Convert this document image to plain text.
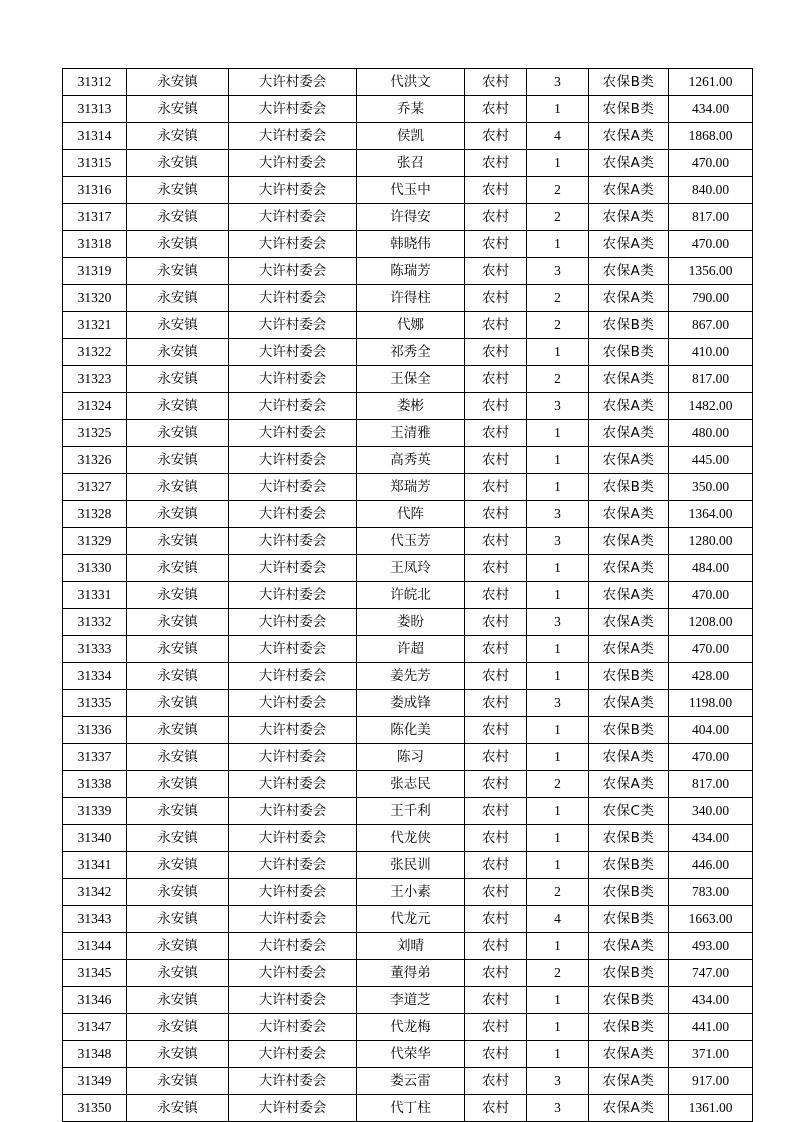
31312	永安镇	大许村委会	代洪文	农村	3	农保B类	1261.00
31313	永安镇	大许村委会	乔某	农村	1	农保B类	434.00
31314	永安镇	大许村委会	侯凯	农村	4	农保A类	1868.00
31315	永安镇	大许村委会	张召	农村	1	农保A类	470.00
31316	永安镇	大许村委会	代玉中	农村	2	农保A类	840.00
31317	永安镇	大许村委会	许得安	农村	2	农保A类	817.00
31318	永安镇	大许村委会	韩晓伟	农村	1	农保A类	470.00
31319	永安镇	大许村委会	陈瑞芳	农村	3	农保A类	1356.00
31320	永安镇	大许村委会	许得柱	农村	2	农保A类	790.00
31321	永安镇	大许村委会	代娜	农村	2	农保B类	867.00
31322	永安镇	大许村委会	祁秀全	农村	1	农保B类	410.00
31323	永安镇	大许村委会	王保全	农村	2	农保A类	817.00
31324	永安镇	大许村委会	娄彬	农村	3	农保A类	1482.00
31325	永安镇	大许村委会	王清雅	农村	1	农保A类	480.00
31326	永安镇	大许村委会	高秀英	农村	1	农保A类	445.00
31327	永安镇	大许村委会	郑瑞芳	农村	1	农保B类	350.00
31328	永安镇	大许村委会	代阵	农村	3	农保A类	1364.00
31329	永安镇	大许村委会	代玉芳	农村	3	农保A类	1280.00
31330	永安镇	大许村委会	王凤玲	农村	1	农保A类	484.00
31331	永安镇	大许村委会	许皖北	农村	1	农保A类	470.00
31332	永安镇	大许村委会	娄盼	农村	3	农保A类	1208.00
31333	永安镇	大许村委会	许超	农村	1	农保A类	470.00
31334	永安镇	大许村委会	姜先芳	农村	1	农保B类	428.00
31335	永安镇	大许村委会	娄成锋	农村	3	农保A类	1198.00
31336	永安镇	大许村委会	陈化美	农村	1	农保B类	404.00
31337	永安镇	大许村委会	陈习	农村	1	农保A类	470.00
31338	永安镇	大许村委会	张志民	农村	2	农保A类	817.00
31339	永安镇	大许村委会	王千利	农村	1	农保C类	340.00
31340	永安镇	大许村委会	代龙侠	农村	1	农保B类	434.00
31341	永安镇	大许村委会	张民训	农村	1	农保B类	446.00
31342	永安镇	大许村委会	王小素	农村	2	农保B类	783.00
31343	永安镇	大许村委会	代龙元	农村	4	农保B类	1663.00
31344	永安镇	大许村委会	刘晴	农村	1	农保A类	493.00
31345	永安镇	大许村委会	董得弟	农村	2	农保B类	747.00
31346	永安镇	大许村委会	李道芝	农村	1	农保B类	434.00
31347	永安镇	大许村委会	代龙梅	农村	1	农保B类	441.00
31348	永安镇	大许村委会	代荣华	农村	1	农保A类	371.00
31349	永安镇	大许村委会	娄云雷	农村	3	农保A类	917.00
31350	永安镇	大许村委会	代丁柱	农村	3	农保A类	1361.00
